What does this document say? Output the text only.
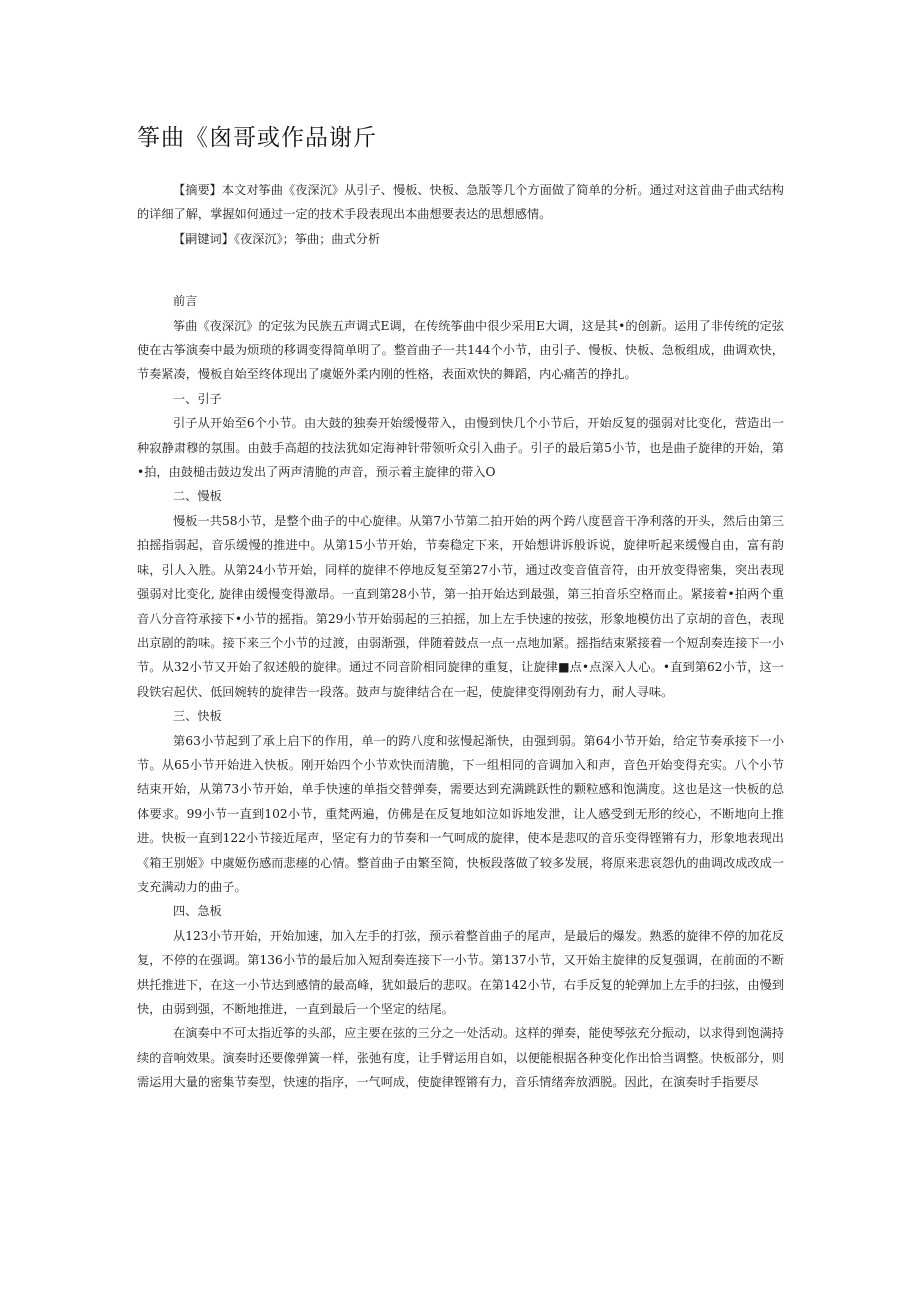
筝曲《囪哥或作品谢斤

【摘要】本文对筝曲《夜深沉》从引子、慢板、快板、急版等几个方面做了简单的分析。通过对这首曲子曲式结构的详细了解，掌握如何通过一定的技术手段表现出本曲想要表达的思想感情。

【嗣键词】《夜深沉》；筝曲；曲式分析

前言

筝曲《夜深沉》的定弦为民族五声调式E调，在传统筝曲中很少采用E大调，这是其•的创新。运用了非传统的定弦使在古筝演奏中最为烦琐的移调变得简单明了。整首曲子一共144个小节，由引子、慢板、快板、急板组成，曲调欢快，节奏紧凑，慢板自始至终体现出了虞姬外柔内刚的性格，表面欢快的舞蹈，内心痛苦的挣扎。

一、引子

引子从开始至6个小节。由大鼓的独奏开始缓慢带入，由慢到快几个小节后，开始反复的强弱对比变化，营造出一种寂静肃穆的氛围。由鼓手高超的技法犹如定海神针带领听众引入曲子。引子的最后第5小节，也是曲子旋律的开始，第•拍，由鼓槌击鼓边发出了两声清脆的声音，预示着主旋律的带入O

二、慢板

慢板一共58小节，是整个曲子的中心旋律。从第7小节第二拍开始的两个跨八度琶音干净利落的开头，然后由第三拍摇指弱起，音乐缓慢的推进中。从第15小节开始，节奏稳定下来，开始想讲诉般诉说，旋律听起来缓慢自由，富有韵味，引人入胜。从第24小节开始，同样的旋律不停地反复至第27小节，通过改变音值音符，由开放变得密集，突出表现强弱对比变化, 旋律由缓慢变得激昂。一直到第28小节，第一拍开始达到最强，第三拍音乐空格而止。紧接着•拍两个重音八分音符承接下•小节的摇指。第29小节开始弱起的三拍摇，加上左手快速的按弦，形象地模仿出了京胡的音色，表现出京剧的韵味。接下来三个小节的过渡，由弱渐强，伴随着鼓点一点一点地加紧。摇指结束紧接着一个短刮奏连接下一小节。从32小节又开始了叙述般的旋律。通过不同音阶相同旋律的重复，让旋律■点•点深入人心。•直到第62小节，这一段铁宕起伏、低回婉转的旋律告一段落。鼓声与旋律结合在一起，使旋律变得刚劲有力，耐人寻味。

三、快板

第63小节起到了承上启下的作用，单一的跨八度和弦慢起渐快，由强到弱。第64小节开始，给定节奏承接下一小节。从65小节开始进入快板。刚开始四个小节欢快而清脆，下一组相同的音调加入和声，音色开始变得充实。八个小节结束开始，从第73小节开始，单手快速的单指交替弹奏，需要达到充满跳跃性的颗粒感和饱满度。这也是这一快板的总体要求。99小节一直到102小节，重梵两遍，仿佛是在反复地如泣如诉地发泄，让人感受到无形的绞心，不断地向上推进。快板一直到122小节接近尾声，坚定有力的节奏和一气呵成的旋律，使本是悲叹的音乐变得铿锵有力，形象地表现出《箱王别姬》中虞姬伤感而悲瘗的心情。整首曲子由繁至简，快板段落做了较多发展，将原来悲哀怨仇的曲调改成改成一支充满动力的曲子。

四、急板

从123小节开始，开始加速，加入左手的打弦，预示着整首曲子的尾声，是最后的爆发。熟悉的旋律不停的加花反复，不停的在强调。第136小节的最后加入短刮奏连接下一小节。第137小节，又开始主旋律的反复强调，在前面的不断烘托推进下，在这一小节达到感情的最高峰，犹如最后的悲叹。在第142小节，右手反复的轮弹加上左手的扫弦，由慢到快，由弱到强，不断地推进，一直到最后一个坚定的结尾。

在演奏中不可太指近筝的头部，应主要在弦的三分之一处活动。这样的弹奏，能使琴弦充分振动，以求得到饱满持续的音响效果。演奏时还要像弹簧一样，张弛有度，让手臂运用自如，以便能根据各种变化作出恰当调整。快板部分，则需运用大量的密集节奏型，快速的指序，一气呵成，使旋律铿锵有力，音乐情绪奔放洒脱。因此，在演奏时手指要尽
